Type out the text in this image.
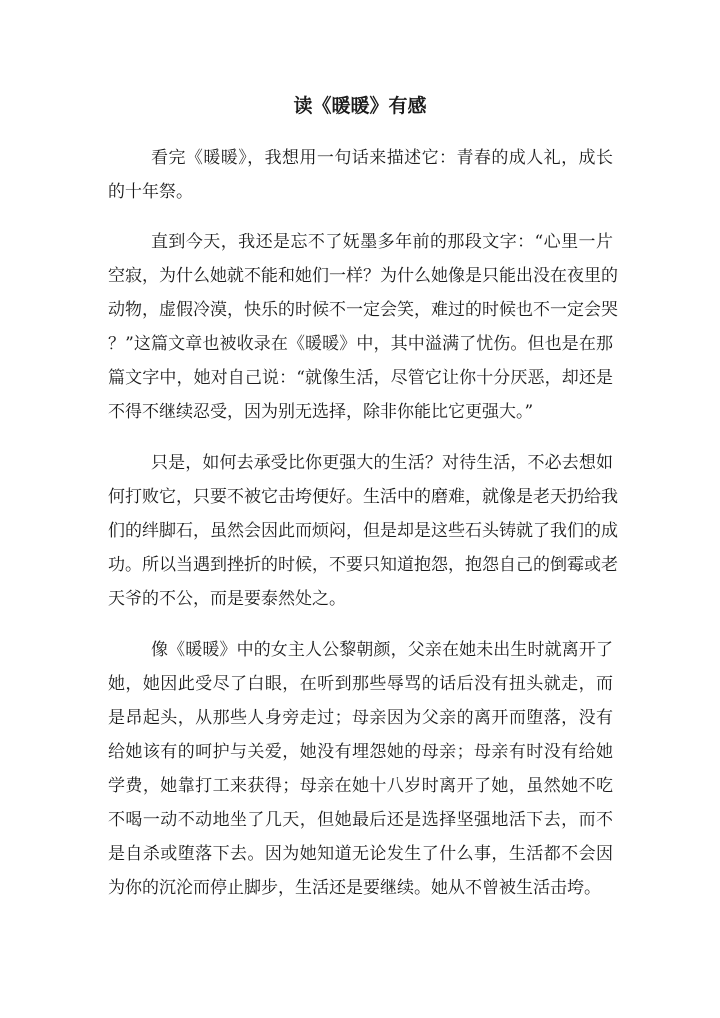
读《暖暖》有感
看完《暖暖》，我想用一句话来描述它：青春的成人礼，成长
的十年祭。
直到今天，我还是忘不了妩墨多年前的那段文字：“心里一片
空寂，为什么她就不能和她们一样？为什么她像是只能出没在夜里的
动物，虚假冷漠，快乐的时候不一定会笑，难过的时候也不一定会哭
？”这篇文章也被收录在《暖暖》中，其中溢满了忧伤。但也是在那
篇文字中，她对自己说：“就像生活，尽管它让你十分厌恶，却还是
不得不继续忍受，因为别无选择，除非你能比它更强大。”
只是，如何去承受比你更强大的生活？对待生活，不必去想如
何打败它，只要不被它击垮便好。生活中的磨难，就像是老天扔给我
们的绊脚石，虽然会因此而烦闷，但是却是这些石头铸就了我们的成
功。所以当遇到挫折的时候，不要只知道抱怨，抱怨自己的倒霉或老
天爷的不公，而是要泰然处之。
像《暖暖》中的女主人公黎朝颜，父亲在她未出生时就离开了
她，她因此受尽了白眼，在听到那些辱骂的话后没有扭头就走，而
是昂起头，从那些人身旁走过；母亲因为父亲的离开而堕落，没有
给她该有的呵护与关爱，她没有埋怨她的母亲；母亲有时没有给她
学费，她靠打工来获得；母亲在她十八岁时离开了她，虽然她不吃
不喝一动不动地坐了几天，但她最后还是选择坚强地活下去，而不
是自杀或堕落下去。因为她知道无论发生了什么事，生活都不会因
为你的沉沦而停止脚步，生活还是要继续。她从不曾被生活击垮。
